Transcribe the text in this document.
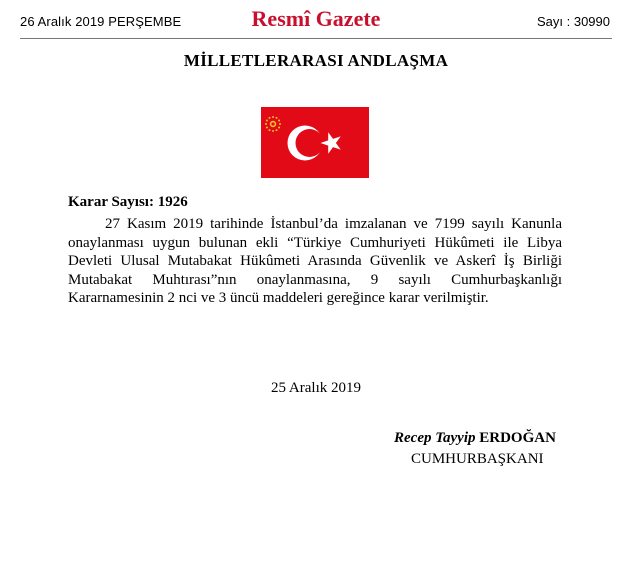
26 Aralık 2019 PERŞEMBE	Resmî Gazete	Sayı : 30990
MİLLETLERARASI ANDLAŞMA
Karar Sayısı: 1926
27 Kasım 2019 tarihinde İstanbul’da imzalanan ve 7199 sayılı Kanunla onaylanması uygun bulunan ekli “Türkiye Cumhuriyeti Hükûmeti ile Libya Devleti Ulusal Mutabakat Hükûmeti Arasında Güvenlik ve Askerî İş Birliği Mutabakat Muhtırası”nın onaylanmasına, 9 sayılı Cumhurbaşkanlığı Kararnamesinin 2 nci ve 3 üncü maddeleri gereğince karar verilmiştir.
25 Aralık 2019
Recep Tayyip ERDOĞAN
CUMHURBAŞKANI
